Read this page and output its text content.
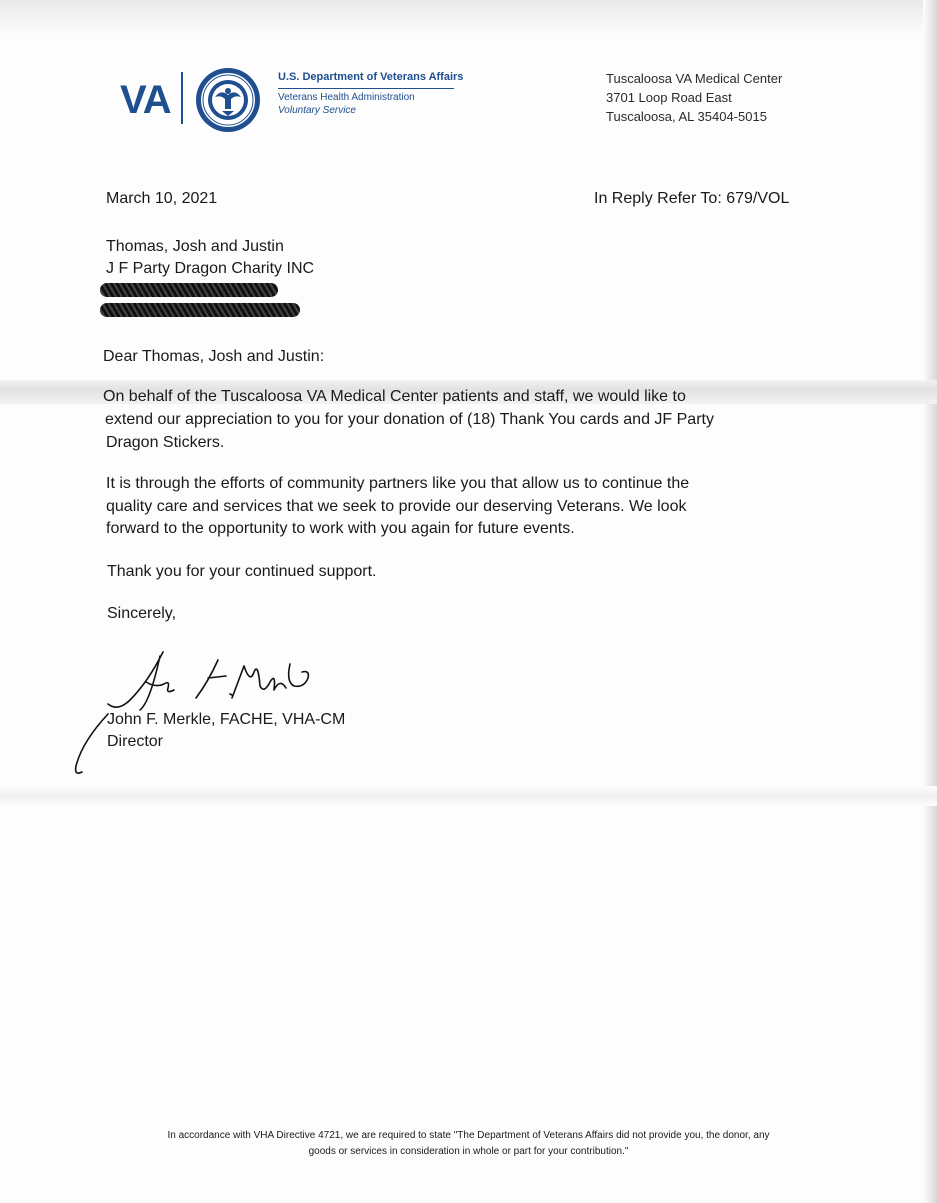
VA
U.S. Department of Veterans Affairs
Veterans Health Administration
Voluntary Service
Tuscaloosa VA Medical Center
3701 Loop Road East
Tuscaloosa, AL 35404-5015
March 10, 2021	In Reply Refer To: 679/VOL
Thomas, Josh and Justin
J F Party Dragon Charity INC
Dear Thomas, Josh and Justin:
On behalf of the Tuscaloosa VA Medical Center patients and staff, we would like to
extend our appreciation to you for your donation of (18) Thank You cards and JF Party
Dragon Stickers.
It is through the efforts of community partners like you that allow us to continue the
quality care and services that we seek to provide our deserving Veterans. We look
forward to the opportunity to work with you again for future events.
Thank you for your continued support.
Sincerely,
John F. Merkle, FACHE, VHA-CM
Director
In accordance with VHA Directive 4721, we are required to state "The Department of Veterans Affairs did not provide you, the donor, any
goods or services in consideration in whole or part for your contribution."
